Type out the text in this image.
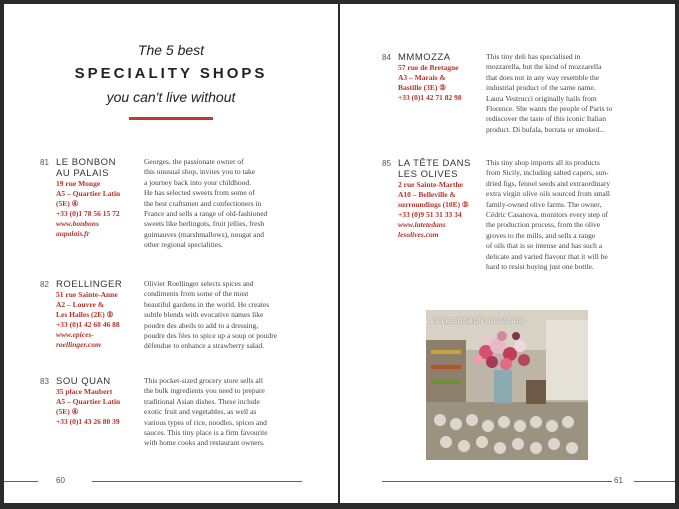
The 5 best
SPECIALITY SHOPS
you can't live without
81 LE BONBON
AU PALAIS
19 rue Monge
A5 – Quartier Latin
(5E) ④
+33 (0)1 78 56 15 72
www.bonbons
aupalais.fr
Georges, the passionate owner of
this unusual shop, invites you to take
a journey back into your childhood.
He has selected sweets from some of
the best craftsmen and confectioners in
France and sells a range of old-fashioned
sweets like berlingots, fruit jellies, fresh
guimauves (marshmallows), nougat and
other regional specialities.
82 ROELLINGER
51 rue Sainte-Anne
A2 – Louvre &
Les Halles (2E) ⑤
+33 (0)1 42 60 46 88
www.epices-
roellinger.com
Olivier Roellinger selects spices and
condiments from some of the most
beautiful gardens in the world. He creates
subtle blends with evocative names like
poudre des abeils to add to a dressing,
poudre des fées to spice up a soup or poudre
défendue to enhance a strawberry salad.
83 SOU QUAN
35 place Maubert
A5 – Quartier Latin
(5E) ④
+33 (0)1 43 26 80 39
This pocket-sized grocery store sells all
the bulk ingredients you need to prepare
traditional Asian dishes. These include
exotic fruit and vegetables, as well as
various types of rice, noodles, spices and
sauces. This tiny place is a firm favourite
with home cooks and restaurant owners.
60
84 MMMOZZA
57 rue de Bretagne
A3 – Marais &
Bastille (3E) ⑤
+33 (0)1 42 71 82 98
This tiny deli has specialised in
mozzarella, but the kind of mozzarella
that does not in any way resemble the
industrial product of the same name.
Laura Vestrucci originally hails from
Florence. She wants the people of Paris to
rediscover the taste of this iconic Italian
product. Di bufala, burrata or smoked...
85 LA TÊTE DANS
LES OLIVES
2 rue Sainte-Marthe
A10 – Belleville &
surroundings (10E) ⑤
+33 (0)9 51 31 33 34
www.latetedans
lesolives.com
This tiny shop imports all its products
from Sicily, including salted capers, sun-
dried figs, fennel seeds and extraordinary
extra virgin olive oils sourced from small
family-owned olive farms. The owner,
Cédric Casanova, monitors every step of
the production process, from the olive
groves to the mills, and sells a range
of oils that is so intense and has such a
delicate and varied flavour that it will be
hard to resist buying just one bottle.
81 LE BONBON AU PALAIS
61
